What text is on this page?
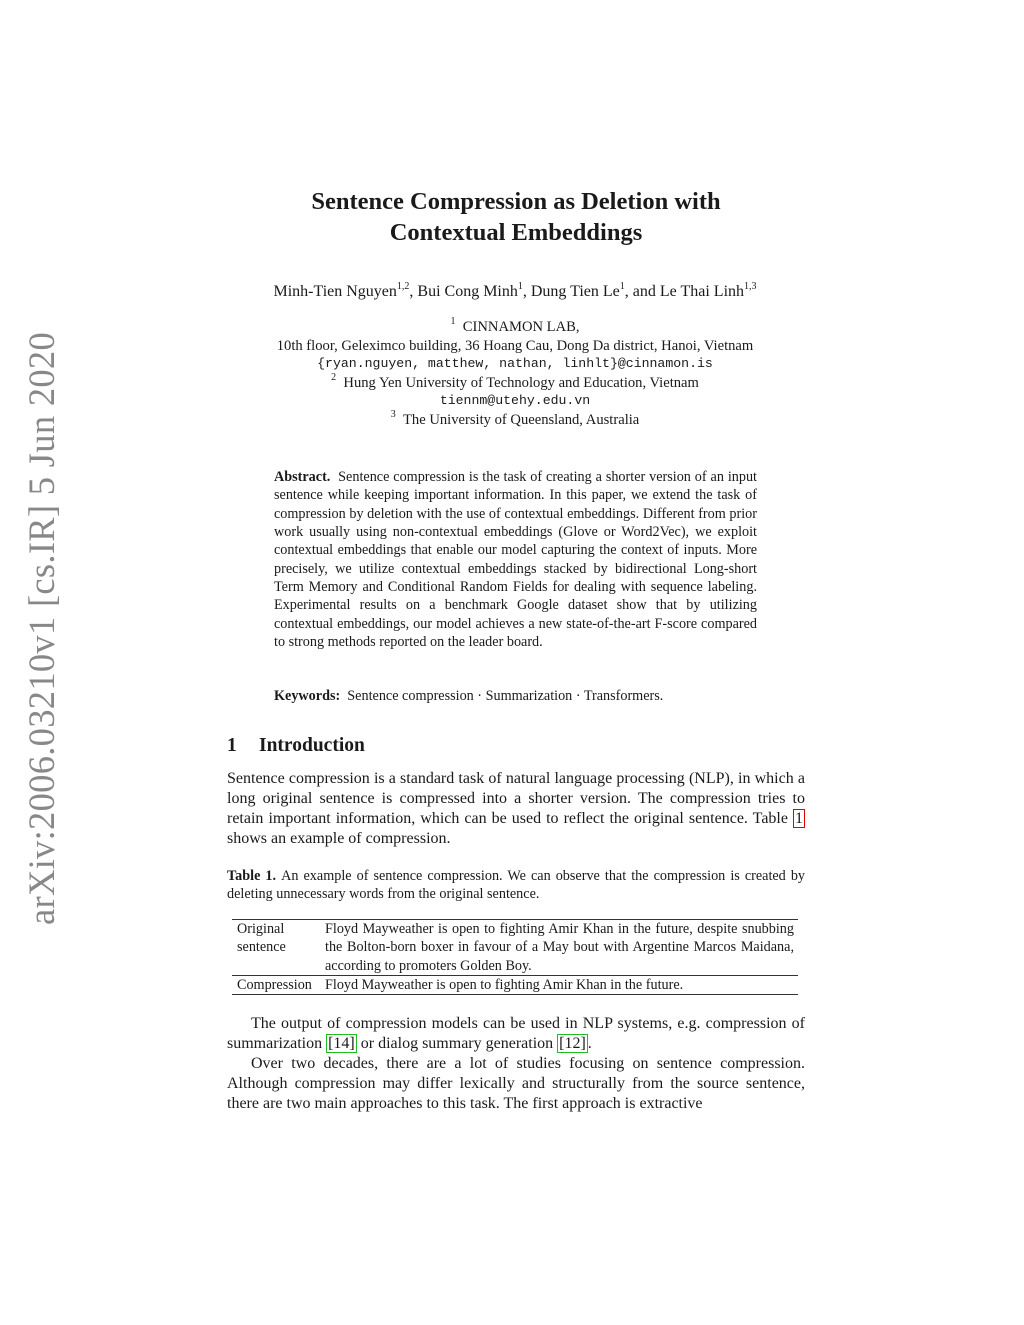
arXiv:2006.03210v1 [cs.IR] 5 Jun 2020
Sentence Compression as Deletion with
Contextual Embeddings
Minh-Tien Nguyen$^{1,2}$, Bui Cong Minh$^1$, Dung Tien Le$^1$, and Le Thai Linh$^{1,3}$
$^1$ CINNAMON LAB,
10th floor, Geleximco building, 36 Hoang Cau, Dong Da district, Hanoi, Vietnam
{ryan.nguyen, matthew, nathan, linhlt}@cinnamon.is
$^2$ Hung Yen University of Technology and Education, Vietnam
tiennm@utehy.edu.vn
$^3$ The University of Queensland, Australia
Abstract. Sentence compression is the task of creating a shorter version of an input sentence while keeping important information. In this paper, we extend the task of compression by deletion with the use of contextual embeddings. Different from prior work usually using non-contextual embeddings (Glove or Word2Vec), we exploit contextual embeddings that enable our model capturing the context of inputs. More precisely, we utilize contextual embeddings stacked by bidirectional Long-short Term Memory and Conditional Random Fields for dealing with sequence labeling. Experimental results on a benchmark Google dataset show that by utilizing contextual embeddings, our model achieves a new state-of-the-art F-score compared to strong methods reported on the leader board.
Keywords: Sentence compression · Summarization · Transformers.
1 Introduction
Sentence compression is a standard task of natural language processing (NLP), in which a long original sentence is compressed into a shorter version. The compression tries to retain important information, which can be used to reflect the original sentence. Table 1 shows an example of compression.
Table 1. An example of sentence compression. We can observe that the compression is created by deleting unnecessary words from the original sentence.
Original sentence
Floyd Mayweather is open to fighting Amir Khan in the future, despite snubbing the Bolton-born boxer in favour of a May bout with Argentine Marcos Maidana, according to promoters Golden Boy.
Compression Floyd Mayweather is open to fighting Amir Khan in the future.
The output of compression models can be used in NLP systems, e.g. compression of summarization [14] or dialog summary generation [12] .
Over two decades, there are a lot of studies focusing on sentence compression. Although compression may differ lexically and structurally from the source sentence, there are two main approaches to this task. The first approach is extractive
